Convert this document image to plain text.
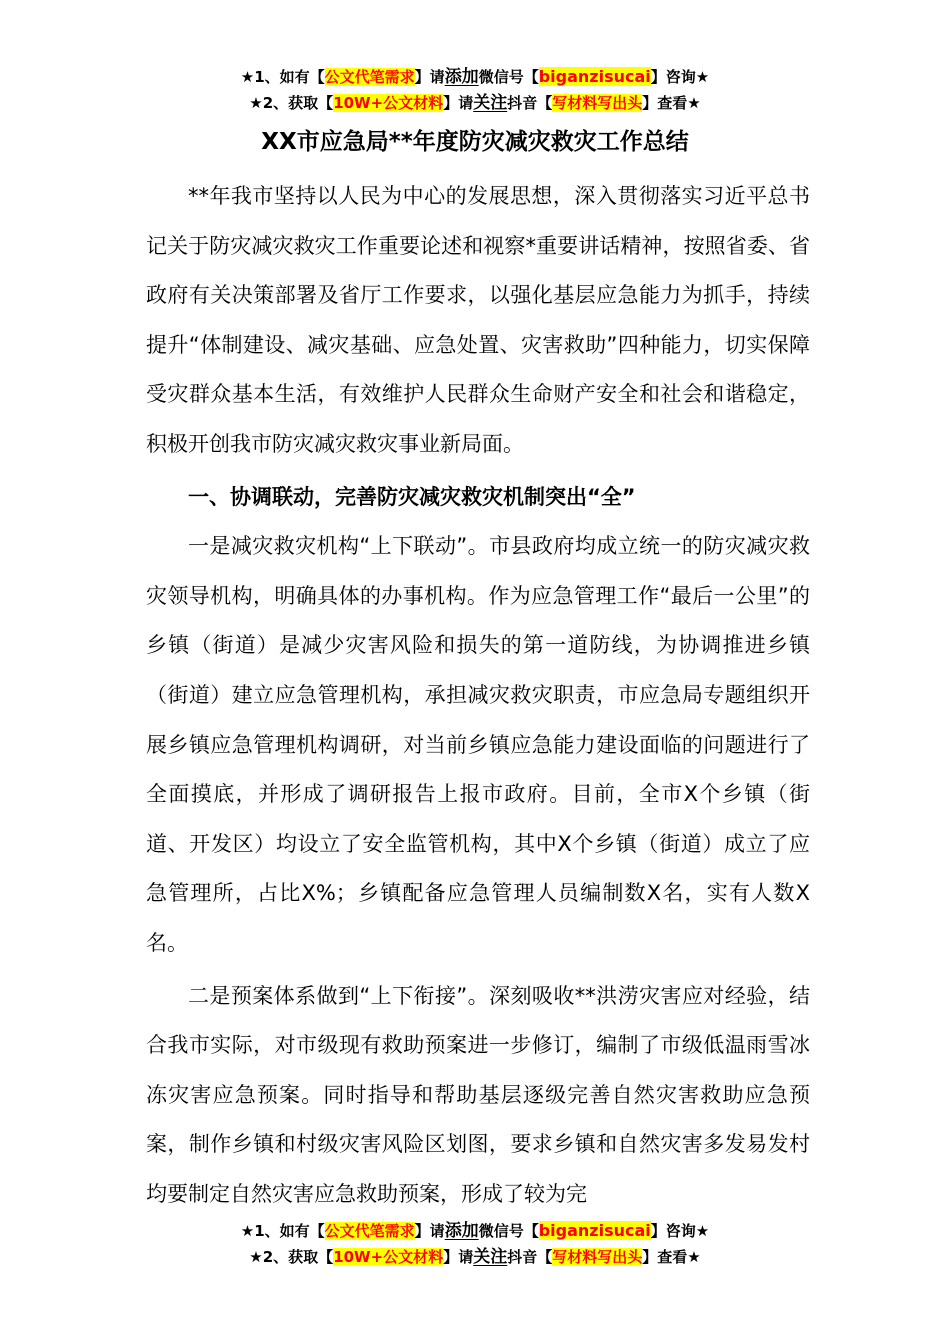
★1、如有【公文代笔需求】请添加微信号【biganzisucai】咨询★
★2、获取【10W+公文材料】请关注抖音【写材料写出头】查看★
XX市应急局**年度防灾减灾救灾工作总结

**年我市坚持以人民为中心的发展思想，深入贯彻落实习近平总书记关于防灾减灾救灾工作重要论述和视察*重要讲话精神，按照省委、省政府有关决策部署及省厅工作要求，以强化基层应急能力为抓手，持续提升“体制建设、减灾基础、应急处置、灾害救助”四种能力，切实保障受灾群众基本生活，有效维护人民群众生命财产安全和社会和谐稳定，积极开创我市防灾减灾救灾事业新局面。

一、协调联动，完善防灾减灾救灾机制突出“全”

一是减灾救灾机构“上下联动”。市县政府均成立统一的防灾减灾救灾领导机构，明确具体的办事机构。作为应急管理工作“最后一公里”的乡镇（街道）是减少灾害风险和损失的第一道防线，为协调推进乡镇（街道）建立应急管理机构，承担减灾救灾职责，市应急局专题组织开展乡镇应急管理机构调研，对当前乡镇应急能力建设面临的问题进行了全面摸底，并形成了调研报告上报市政府。目前，全市X个乡镇（街道、开发区）均设立了安全监管机构，其中X个乡镇（街道）成立了应急管理所，占比X%；乡镇配备应急管理人员编制数X名，实有人数X名。

二是预案体系做到“上下衔接”。深刻吸收**洪涝灾害应对经验，结合我市实际，对市级现有救助预案进一步修订，编制了市级低温雨雪冰冻灾害应急预案。同时指导和帮助基层逐级完善自然灾害救助应急预案，制作乡镇和村级灾害风险区划图，要求乡镇和自然灾害多发易发村均要制定自然灾害应急救助预案，形成了较为完

★1、如有【公文代笔需求】请添加微信号【biganzisucai】咨询★
★2、获取【10W+公文材料】请关注抖音【写材料写出头】查看★
